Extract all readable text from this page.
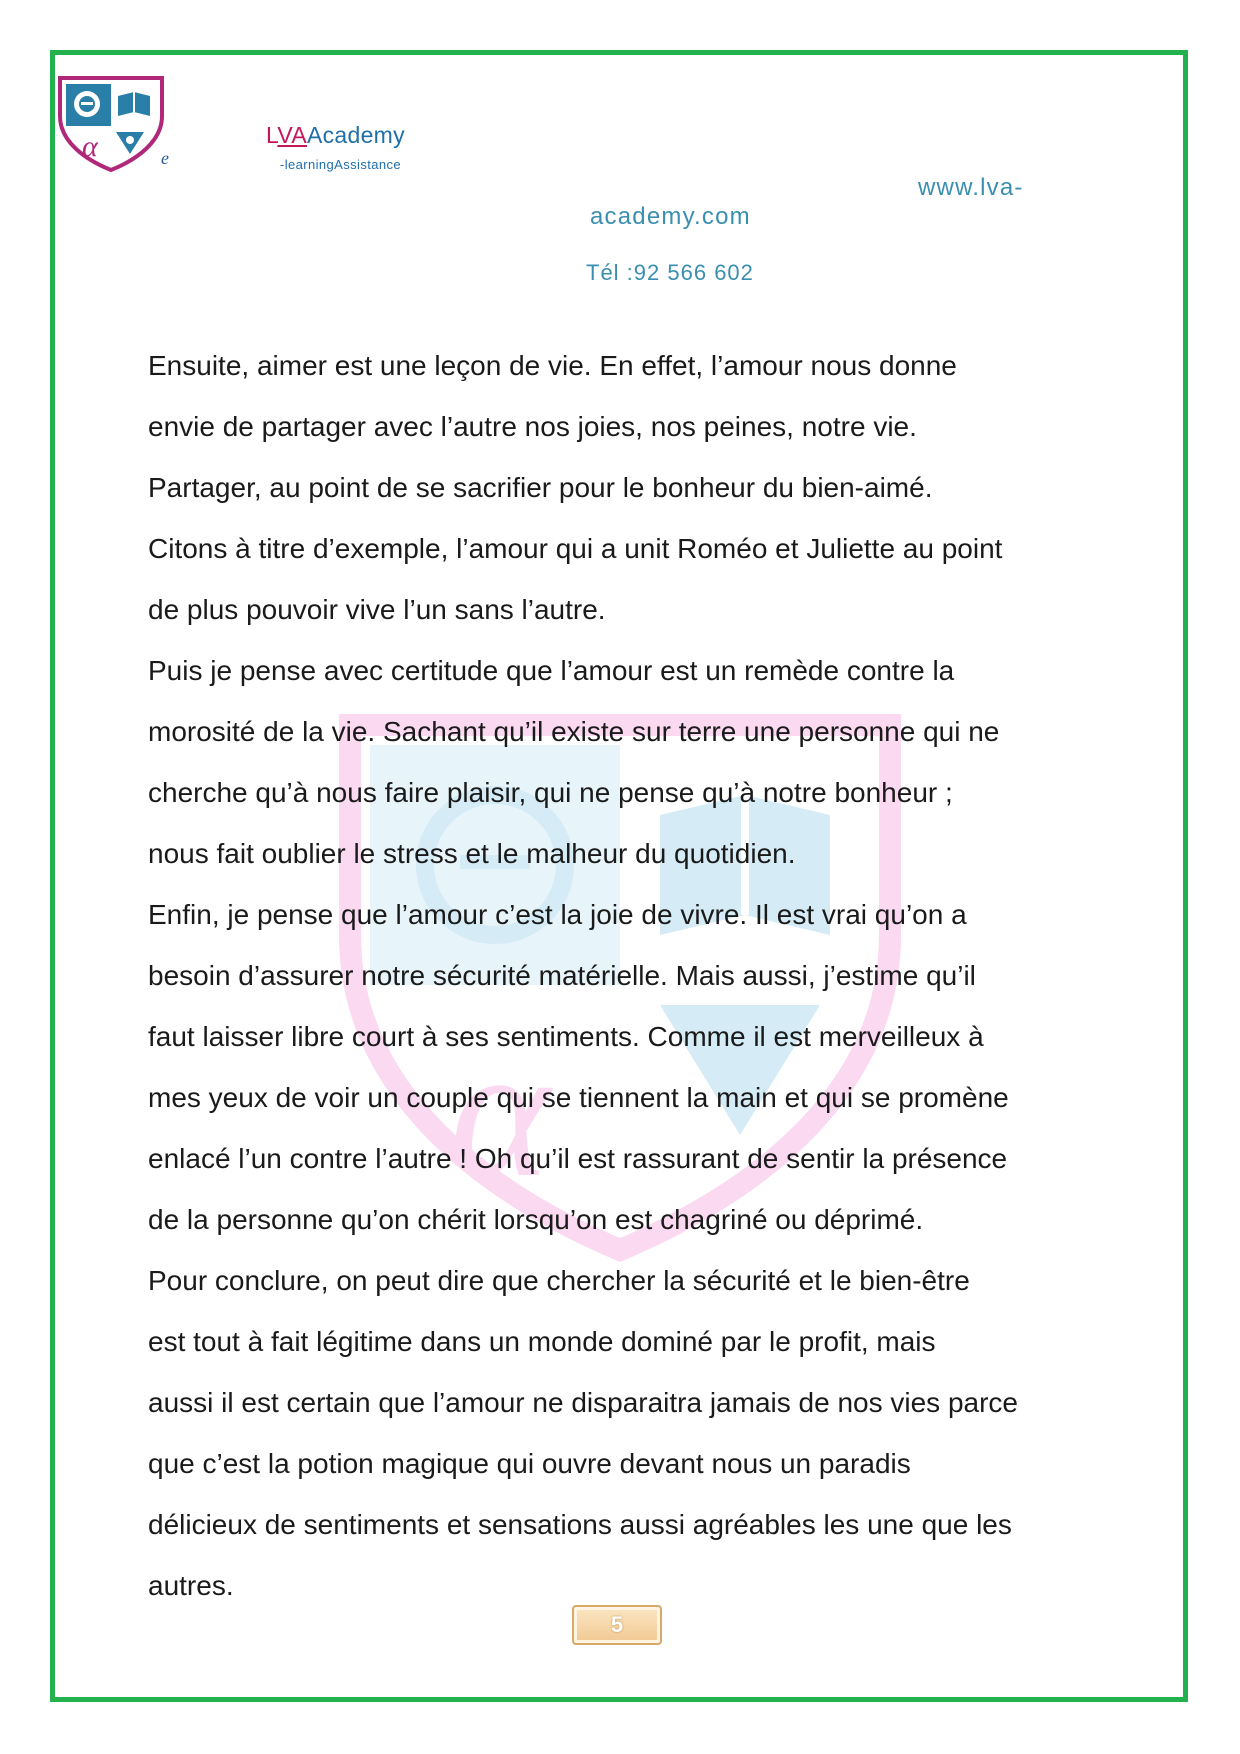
α	e
LVAAcademy
-learningAssistance
www.lva-
academy.com
Tél :92 566 602
α
Ensuite, aimer est une leçon de vie. En effet, l’amour nous donne
envie de partager avec l’autre nos joies, nos peines, notre vie.
Partager, au point de se sacrifier pour le bonheur du bien-aimé.
Citons à titre d’exemple, l’amour qui a unit Roméo et Juliette au point
de plus pouvoir vive l’un sans l’autre.
Puis je pense avec certitude que l’amour est un remède contre la
morosité de la vie. Sachant qu’il existe sur terre une personne qui ne
cherche qu’à nous faire plaisir, qui ne pense qu’à notre bonheur ;
nous fait oublier le stress et le malheur du quotidien.
Enfin, je pense que l’amour c’est la joie de vivre. Il est vrai qu’on a
besoin d’assurer notre sécurité matérielle. Mais aussi, j’estime qu’il
faut laisser libre court à ses sentiments. Comme il est merveilleux à
mes yeux de voir un couple qui se tiennent la main et qui se promène
enlacé l’un contre l’autre ! Oh qu’il est rassurant de sentir la présence
de la personne qu’on chérit lorsqu’on est chagriné ou déprimé.
Pour conclure, on peut dire que chercher la sécurité et le bien-être
est tout à fait légitime dans un monde dominé par le profit, mais
aussi il est certain que l’amour ne disparaitra jamais de nos vies parce
que c’est la potion magique qui ouvre devant nous un paradis
délicieux de sentiments et sensations aussi agréables les une que les
autres.
5
